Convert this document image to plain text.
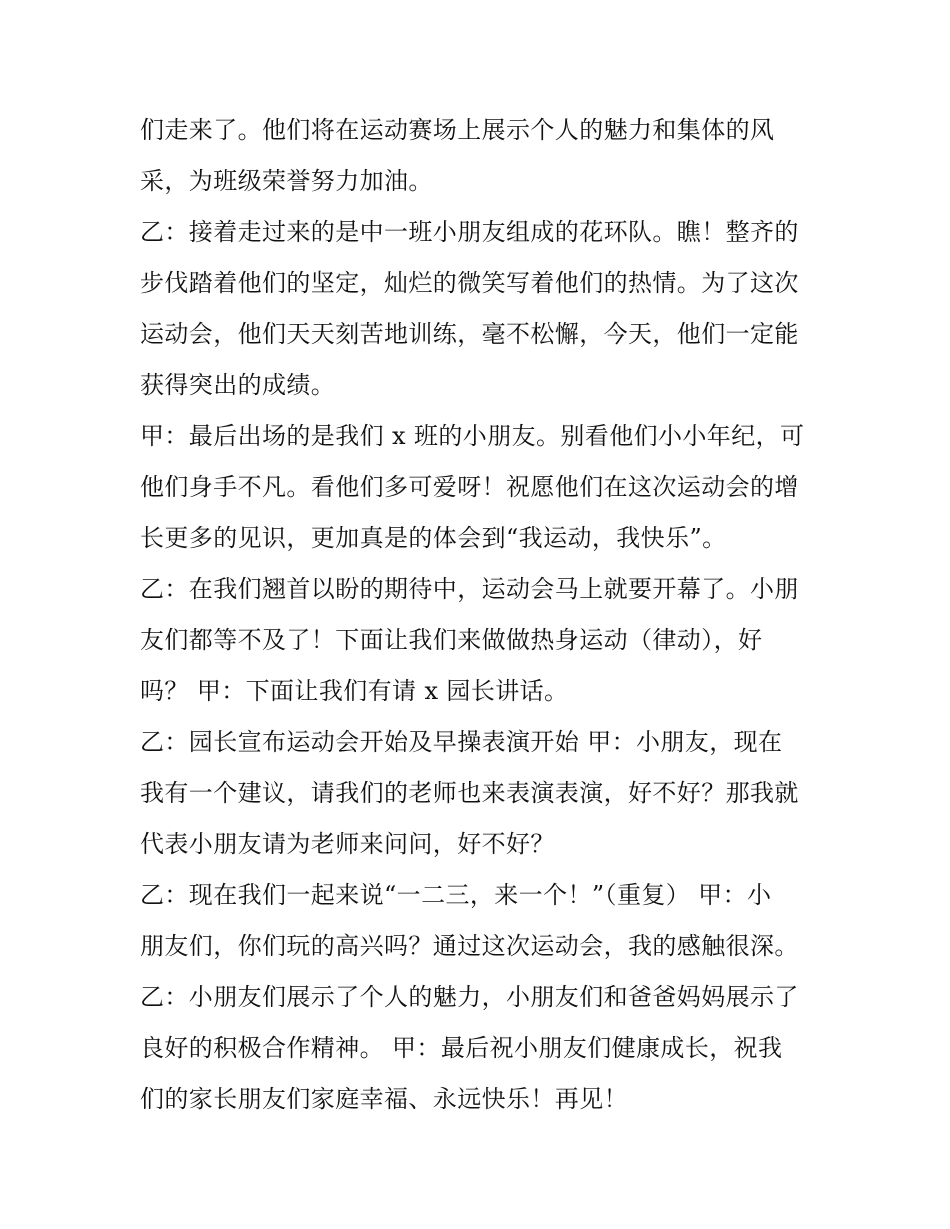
们走来了。他们将在运动赛场上展示个人的魅力和集体的风
采，为班级荣誉努力加油。
乙：接着走过来的是中一班小朋友组成的花环队。瞧！整齐的
步伐踏着他们的坚定，灿烂的微笑写着他们的热情。为了这次
运动会，他们天天刻苦地训练，毫不松懈，今天，他们一定能
获得突出的成绩。
甲：最后出场的是我们 x 班的小朋友。别看他们小小年纪，可
他们身手不凡。看他们多可爱呀！祝愿他们在这次运动会的增
长更多的见识，更加真是的体会到“我运动，我快乐”。
乙：在我们翘首以盼的期待中，运动会马上就要开幕了。小朋
友们都等不及了！下面让我们来做做热身运动（律动），好
吗？ 甲：下面让我们有请 x 园长讲话。
乙：园长宣布运动会开始及早操表演开始 甲：小朋友，现在
我有一个建议，请我们的老师也来表演表演，好不好？那我就
代表小朋友请为老师来问问，好不好？
乙：现在我们一起来说“一二三，来一个！”（重复） 甲：小
朋友们，你们玩的高兴吗？通过这次运动会，我的感触很深。
乙：小朋友们展示了个人的魅力，小朋友们和爸爸妈妈展示了
良好的积极合作精神。 甲：最后祝小朋友们健康成长，祝我
们的家长朋友们家庭幸福、永远快乐！再见！
